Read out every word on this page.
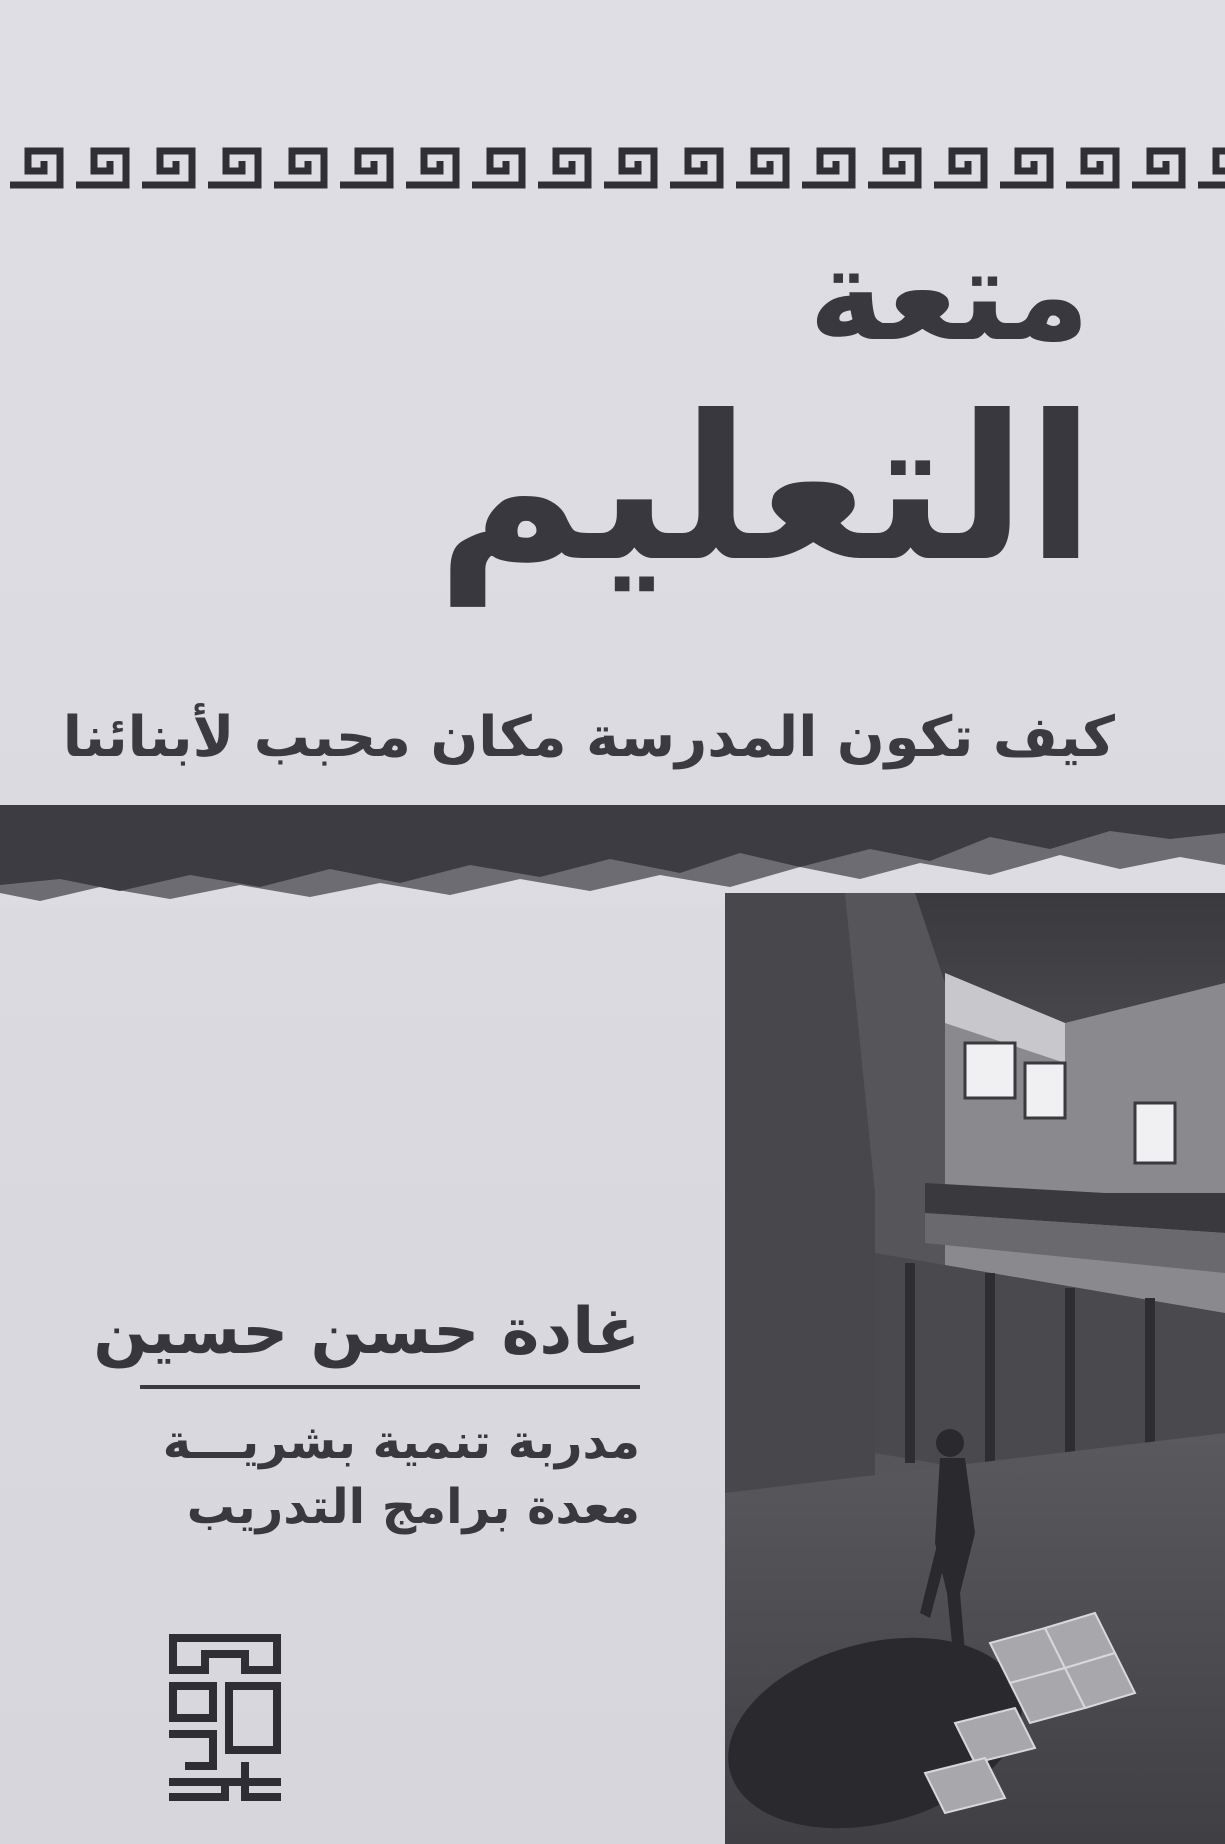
متعة
التعليم
كيف تكون المدرسة مكان محبب لأبنائنا
غادة حسن حسين
مدربة تنمية بشريـــة
معدة برامج التدريب
